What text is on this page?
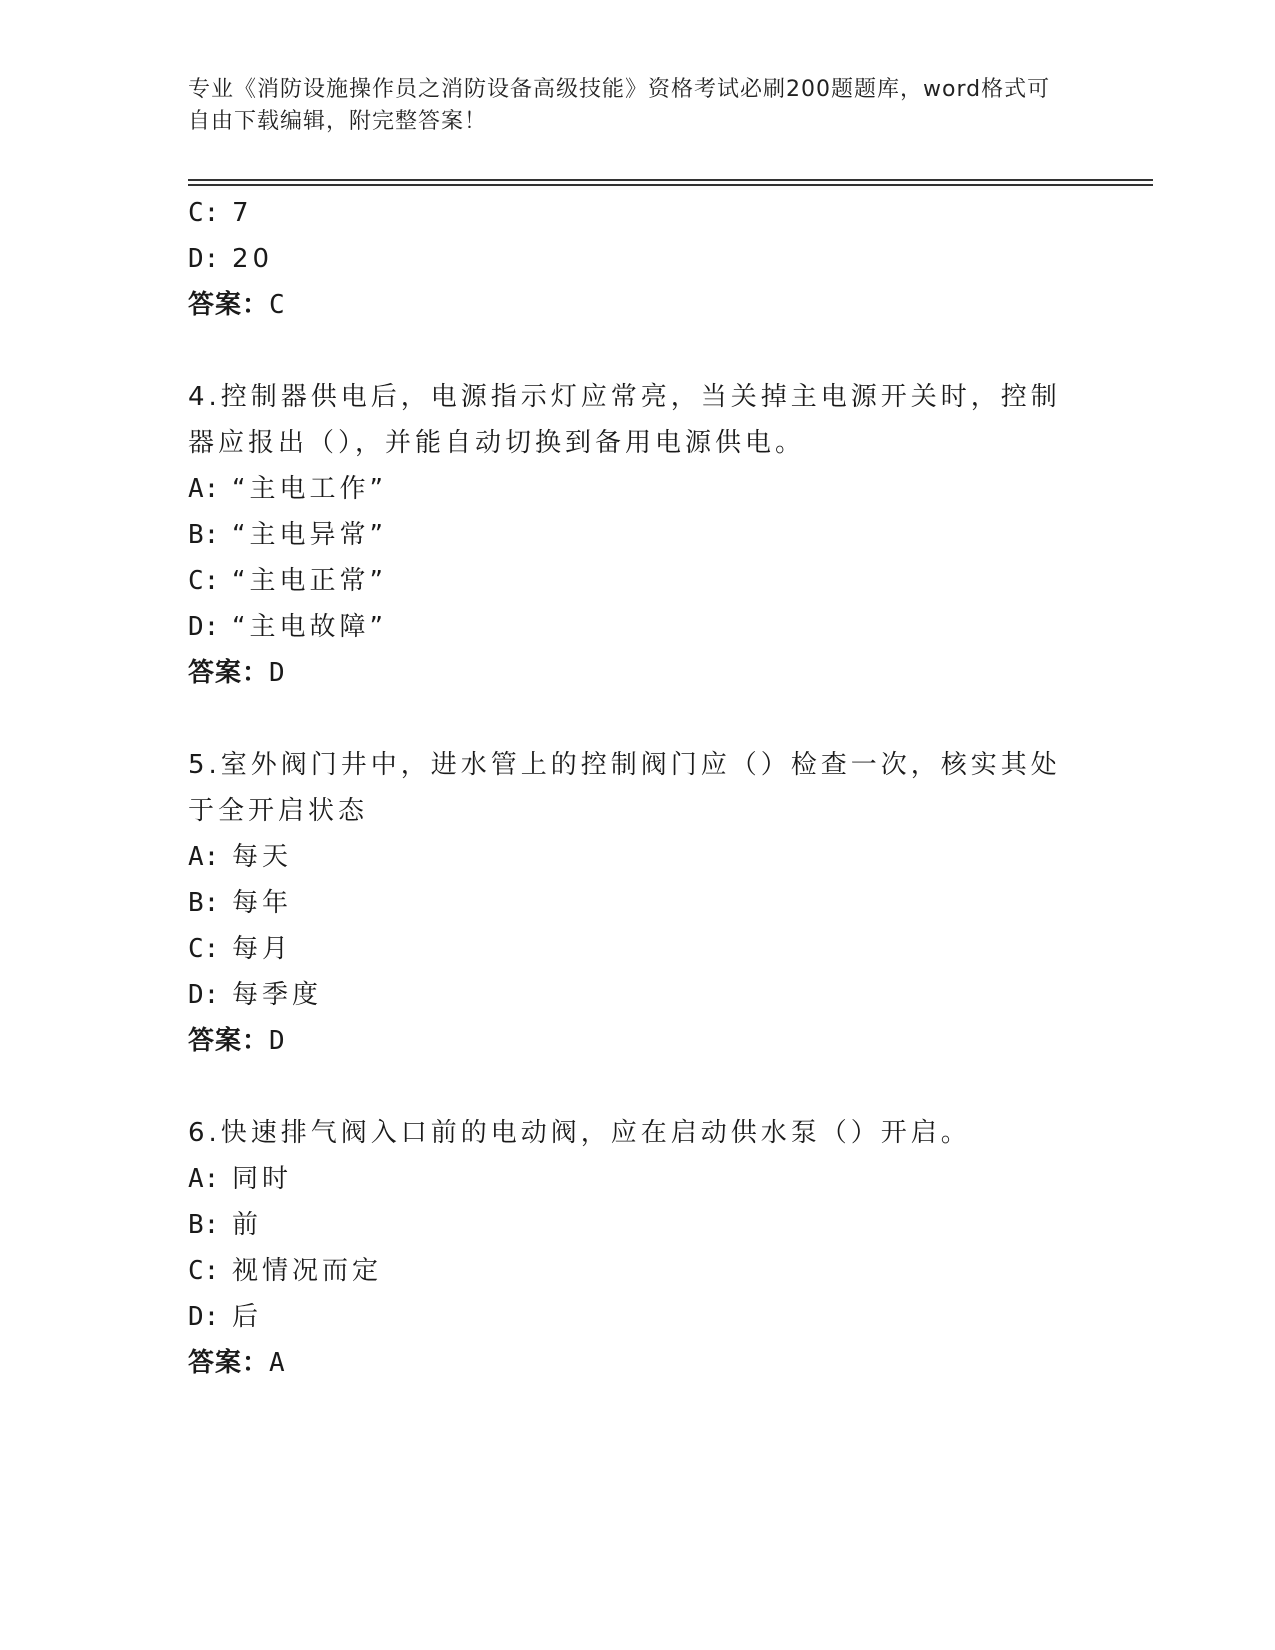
专业《消防设施操作员之消防设备高级技能》资格考试必刷200题题库，word格式可自由下载编辑，附完整答案！
C: 7
D: 20
答案：C
4.控制器供电后，电源指示灯应常亮，当关掉主电源开关时，控制器应报出（），并能自动切换到备用电源供电。
A: “主电工作”
B: “主电异常”
C: “主电正常”
D: “主电故障”
答案：D
5.室外阀门井中，进水管上的控制阀门应（）检查一次，核实其处于全开启状态
A: 每天
B: 每年
C: 每月
D: 每季度
答案：D
6.快速排气阀入口前的电动阀，应在启动供水泵（）开启。
A: 同时
B: 前
C: 视情况而定
D: 后
答案：A
